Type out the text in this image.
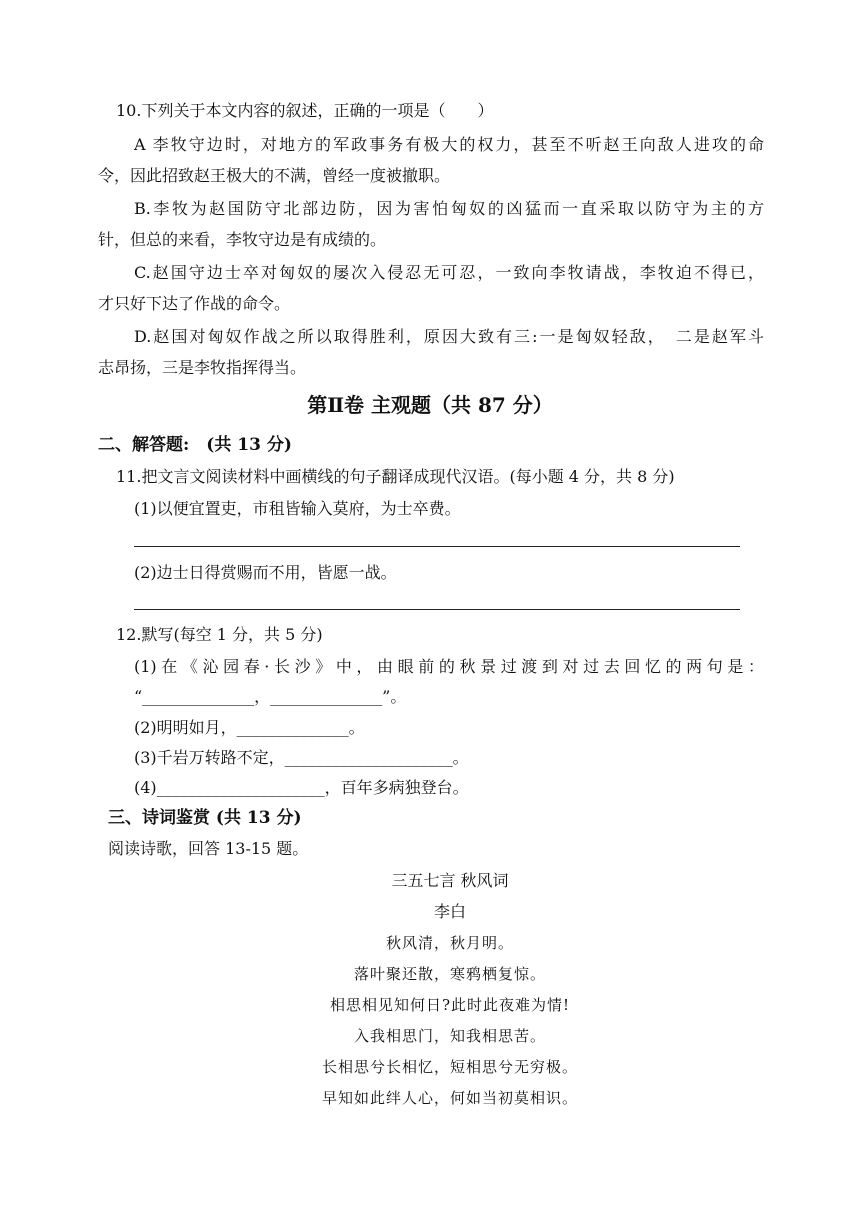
10.下列关于本文内容的叙述，正确的一项是（　　）
A 李牧守边时，对地方的军政事务有极大的权力，甚至不听赵王向敌人进攻的命
令，因此招致赵王极大的不满，曾经一度被撤职。
B.李牧为赵国防守北部边防，因为害怕匈奴的凶猛而一直采取以防守为主的方
针，但总的来看，李牧守边是有成绩的。
C.赵国守边士卒对匈奴的屡次入侵忍无可忍，一致向李牧请战，李牧迫不得已，
才只好下达了作战的命令。
D.赵国对匈奴作战之所以取得胜利，原因大致有三:一是匈奴轻敌，　二是赵军斗
志昂扬，三是李牧指挥得当。
第Ⅱ卷 主观题（共 87 分）
二、解答题:　(共 13 分)
11.把文言文阅读材料中画横线的句子翻译成现代汉语。(每小题 4 分，共 8 分)
(1)以便宜置吏，市租皆输入莫府，为士卒费。
(2)边士日得赏赐而不用，皆愿一战。
12.默写(每空 1 分，共 5 分)
(1)在《沁园春·长沙》中，由眼前的秋景过渡到对过去回忆的两句是：
“______________，______________”。
(2)明明如月，______________。
(3)千岩万转路不定，_____________________。
(4)_____________________，百年多病独登台。
三、诗词鉴赏 (共 13 分)
阅读诗歌，回答 13-15 题。
三五七言 秋风词
李白
秋风清，秋月明。
落叶聚还散，寒鸦栖复惊。
相思相见知何日?此时此夜难为情!
入我相思门，知我相思苦。
长相思兮长相忆，短相思兮无穷极。
早知如此绊人心，何如当初莫相识。
